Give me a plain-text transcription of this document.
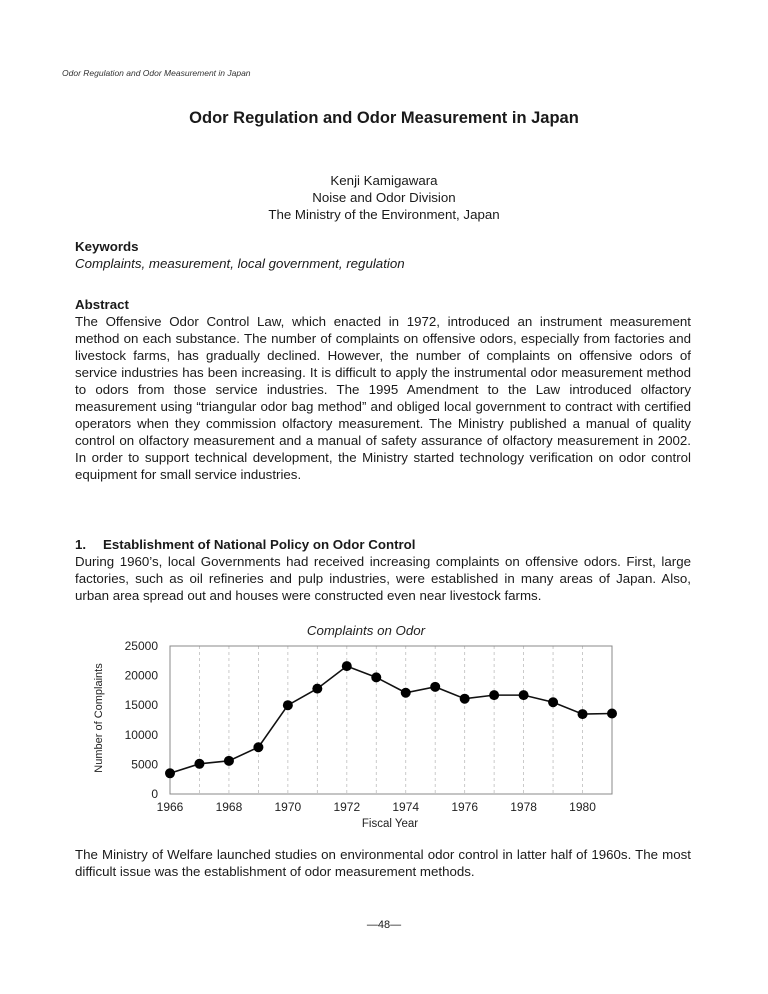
Odor Regulation and Odor Measurement in Japan
Odor Regulation and Odor Measurement in Japan
Kenji Kamigawara
Noise and Odor Division
The Ministry of the Environment, Japan
Keywords
Complaints, measurement, local government, regulation
Abstract
The Offensive Odor Control Law, which enacted in 1972, introduced an instrument measurement method on each substance. The number of complaints on offensive odors, especially from factories and livestock farms, has gradually declined. However, the number of complaints on offensive odors of service industries has been increasing. It is difficult to apply the instrumental odor measurement method to odors from those service industries. The 1995 Amendment to the Law introduced olfactory measurement using “triangular odor bag method” and obliged local government to contract with certified operators when they commission olfactory measurement. The Ministry published a manual of quality control on olfactory measurement and a manual of safety assurance of olfactory measurement in 2002. In order to support technical development, the Ministry started technology verification on odor control equipment for small service industries.
1. Establishment of National Policy on Odor Control
During 1960’s, local Governments had received increasing complaints on offensive odors. First, large factories, such as oil refineries and pulp industries, were established in many areas of Japan. Also, urban area spread out and houses were constructed even near livestock farms.
Complaints on Odor
Number of Complaints
Fiscal Year
0
5000
10000
15000
20000
25000
1966	1968	1970	1972	1974	1976	1978	1980
The Ministry of Welfare launched studies on environmental odor control in latter half of 1960s. The most difficult issue was the establishment of odor measurement methods.
—48—
